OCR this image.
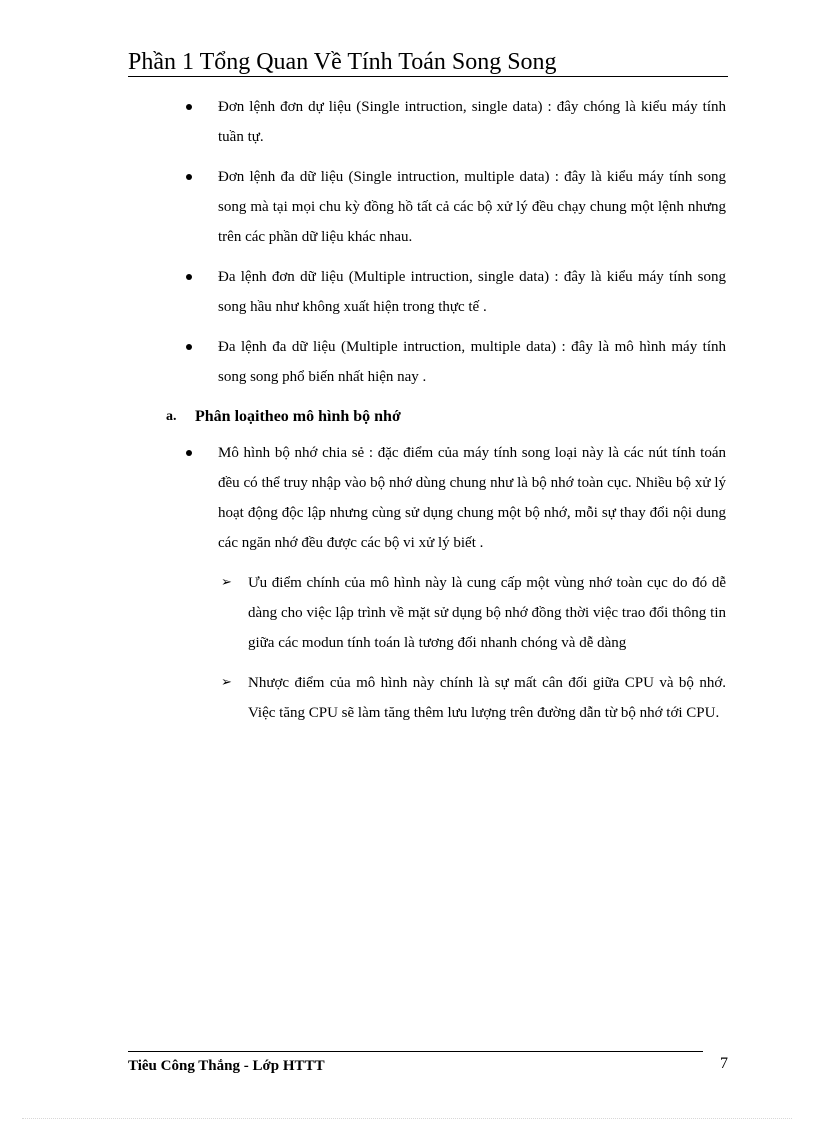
Phần 1 Tổng Quan Về Tính Toán Song Song
Đơn lệnh đơn dự liệu (Single intruction, single data) : đây chóng là kiểu máy tính tuần tự.
Đơn lệnh đa dữ liệu (Single intruction, multiple data) : đây là kiểu máy tính song song mà tại mọi chu kỳ đồng hồ tất cả các bộ xử lý đều chạy chung một lệnh nhưng trên các phần dữ liệu khác nhau.
Đa lệnh đơn dữ liệu (Multiple intruction, single data) : đây là kiểu máy tính song song hầu như không xuất hiện trong thực tế .
Đa lệnh đa dữ liệu (Multiple intruction, multiple data) : đây là mô hình máy tính song song phổ biến nhất hiện nay .
a. Phân loạitheo mô hình bộ nhớ
Mô hình bộ nhớ chia sẻ : đặc điểm của máy tính song loại này là các nút tính toán đều có thể truy nhập vào bộ nhớ dùng chung như là bộ nhớ toàn cục. Nhiều bộ xử lý hoạt động độc lập nhưng cùng sử dụng chung một bộ nhớ, mỗi sự thay đổi nội dung các ngăn nhớ đều được các bộ vi xử lý biết .
➢ Ưu điểm chính của mô hình này là cung cấp một vùng nhớ toàn cục do đó dễ dàng cho việc lập trình về mặt sử dụng bộ nhớ đồng thời việc trao đổi thông tin giữa các modun tính toán là tương đối nhanh chóng và dễ dàng
➢ Nhược điểm của mô hình này chính là sự mất cân đối giữa CPU và bộ nhớ. Việc tăng CPU sẽ làm tăng thêm lưu lượng trên đường dẫn từ bộ nhớ tới CPU.
Tiêu Công Thắng - Lớp HTTT	7
